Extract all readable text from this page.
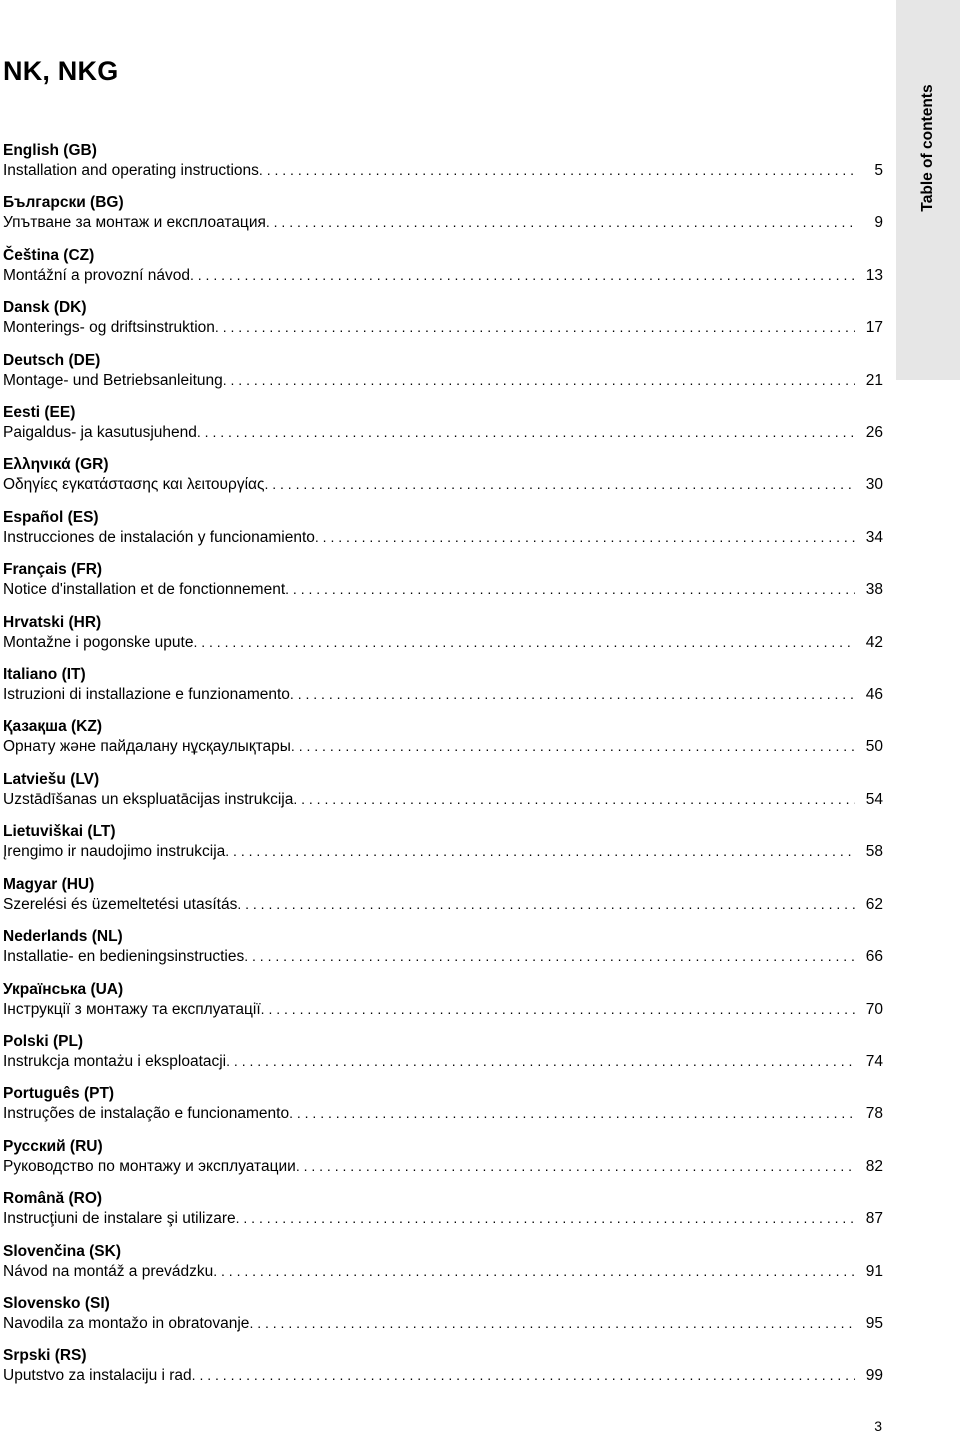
NK, NKG
English (GB)
Installation and operating instructions . . .	5
Български (BG)
Упътване за монтаж и експлоатация . . .	9
Čeština (CZ)
Montážní a provozní návod . . .	13
Dansk (DK)
Monterings- og driftsinstruktion . . .	17
Deutsch (DE)
Montage- und Betriebsanleitung . . .	21
Eesti (EE)
Paigaldus- ja kasutusjuhend . . .	26
Ελληνικά (GR)
Οδηγίες εγκατάστασης και λειτουργίας . . .	30
Español (ES)
Instrucciones de instalación y funcionamiento . . .	34
Français (FR)
Notice d'installation et de fonctionnement . . .	38
Hrvatski (HR)
Montažne i pogonske upute . . .	42
Italiano (IT)
Istruzioni di installazione e funzionamento . . .	46
Қазақша (KZ)
Орнату және пайдалану нұсқаулықтары . . .	50
Latviešu (LV)
Uzstādīšanas un ekspluatācijas instrukcija . . .	54
Lietuviškai (LT)
Įrengimo ir naudojimo instrukcija . . .	58
Magyar (HU)
Szerelési és üzemeltetési utasítás . . .	62
Nederlands (NL)
Installatie- en bedieningsinstructies . . .	66
Українська (UA)
Інструкції з монтажу та експлуатації . . .	70
Polski (PL)
Instrukcja montażu i eksploatacji . . .	74
Português (PT)
Instruções de instalação e funcionamento . . .	78
Русский (RU)
Руководство по монтажу и эксплуатации . . .	82
Română (RO)
Instrucţiuni de instalare şi utilizare . . .	87
Slovenčina (SK)
Návod na montáž a prevádzku . . .	91
Slovensko (SI)
Navodila za montažo in obratovanje . . .	95
Srpski (RS)
Uputstvo za instalaciju i rad . . .	99
Table of contents
3
